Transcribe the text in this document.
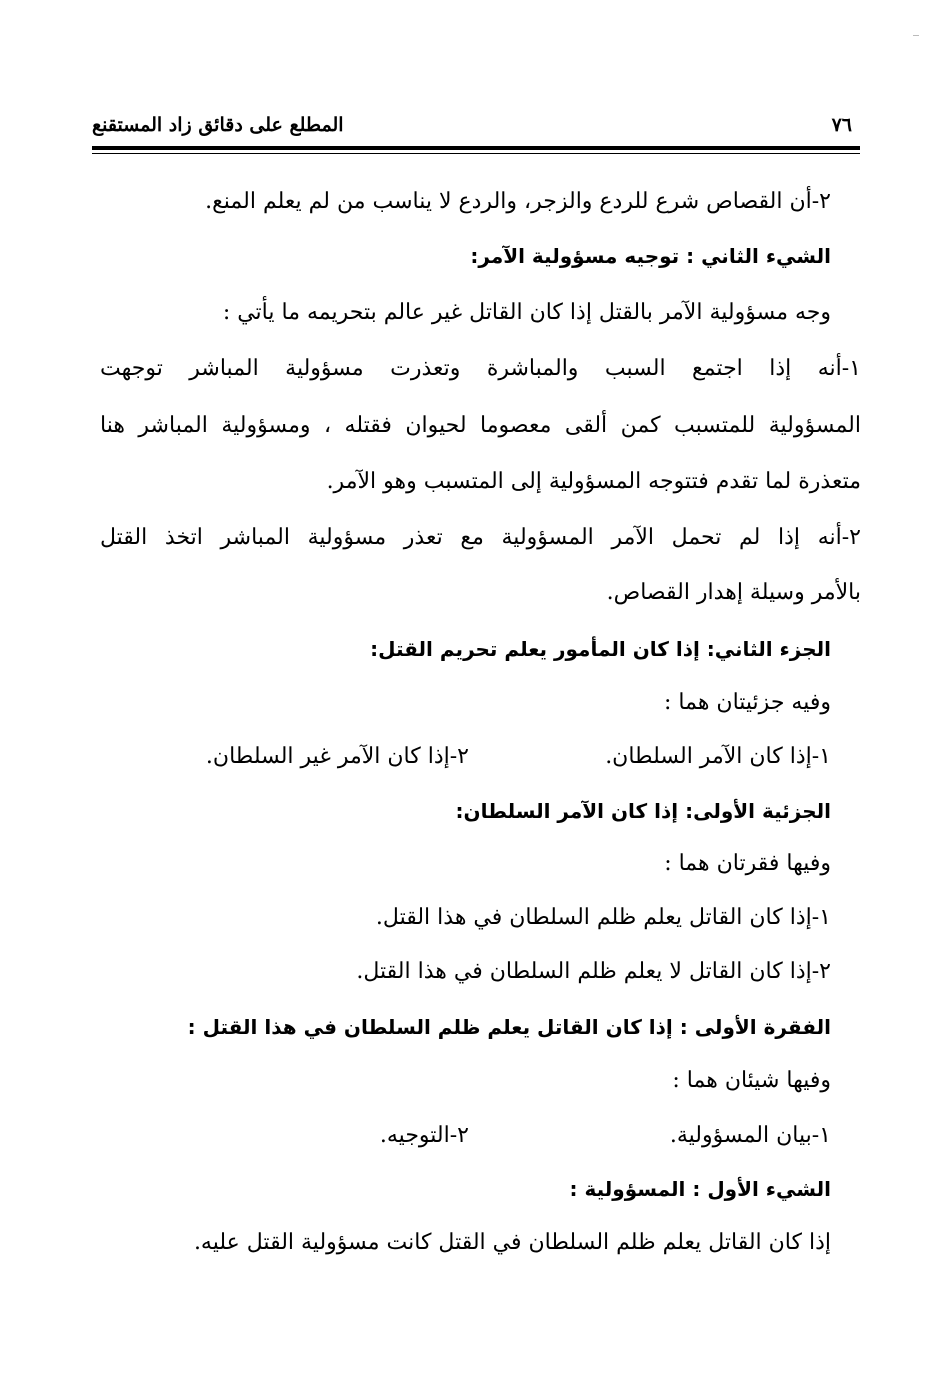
المطلع على دقائق زاد المستقنع	٧٦
٢-أن القصاص شرع للردع والزجر، والردع لا يناسب من لم يعلم المنع.
الشيء الثاني : توجيه مسؤولية الآمر:
وجه مسؤولية الآمر بالقتل إذا كان القاتل غير عالم بتحريمه ما يأتي :
١-أنه إذا اجتمع السبب والمباشرة وتعذرت مسؤولية المباشر توجهت
المسؤولية للمتسبب كمن ألقى معصوما لحيوان فقتله ، ومسؤولية المباشر هنا
متعذرة لما تقدم فتتوجه المسؤولية إلى المتسبب وهو الآمر.
٢-أنه إذا لم تحمل الآمر المسؤولية مع تعذر مسؤولية المباشر اتخذ القتل
بالأمر وسيلة إهدار القصاص.
الجزء الثاني: إذا كان المأمور يعلم تحريم القتل:
وفيه جزئيتان هما :
١-إذا كان الآمر السلطان.
٢-إذا كان الآمر غير السلطان.
الجزئية الأولى: إذا كان الآمر السلطان:
وفيها فقرتان هما :
١-إذا كان القاتل يعلم ظلم السلطان في هذا القتل.
٢-إذا كان القاتل لا يعلم ظلم السلطان في هذا القتل.
الفقرة الأولى : إذا كان القاتل يعلم ظلم السلطان في هذا القتل :
وفيها شيئان هما :
١-بيان المسؤولية.
٢-التوجيه.
الشيء الأول : المسؤولية :
إذا كان القاتل يعلم ظلم السلطان في القتل كانت مسؤولية القتل عليه.
